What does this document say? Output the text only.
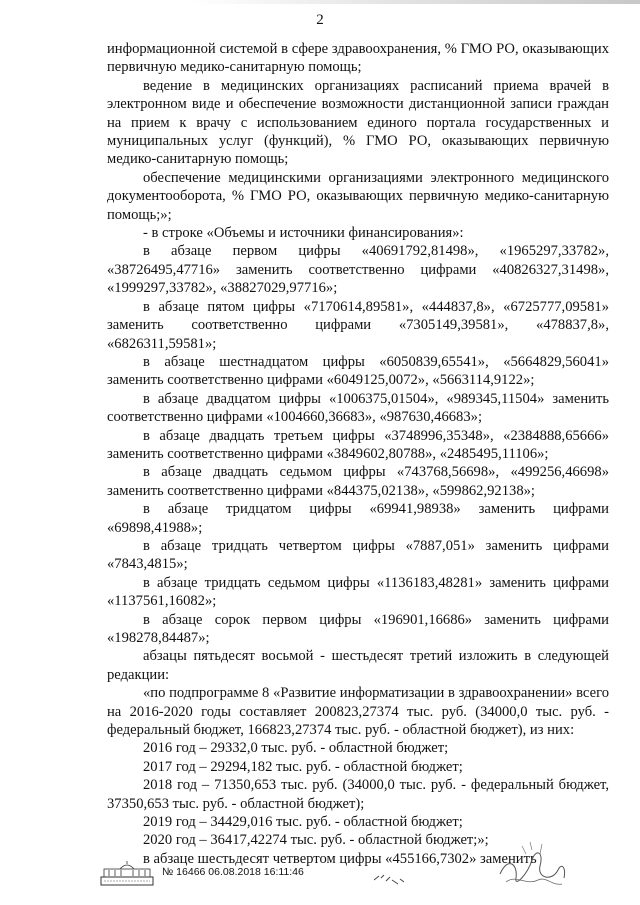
2

информационной системой в сфере здравоохранения, % ГМО РО, оказывающих первичную медико-санитарную помощь;

ведение в медицинских организациях расписаний приема врачей в электронном виде и обеспечение возможности дистанционной записи граждан на прием к врачу с использованием единого портала государственных и муниципальных услуг (функций), % ГМО РО, оказывающих первичную медико-санитарную помощь;

обеспечение медицинскими организациями электронного медицинского документооборота, % ГМО РО, оказывающих первичную медико-санитарную помощь;»;

- в строке «Объемы и источники финансирования»:

в абзаце первом цифры «40691792,81498», «1965297,33782», «38726495,47716» заменить соответственно цифрами «40826327,31498», «1999297,33782», «38827029,97716»;

в абзаце пятом цифры «7170614,89581», «444837,8», «6725777,09581» заменить соответственно цифрами «7305149,39581», «478837,8», «6826311,59581»;

в абзаце шестнадцатом цифры «6050839,65541», «5664829,56041» заменить соответственно цифрами «6049125,0072», «5663114,9122»;

в абзаце двадцатом цифры «1006375,01504», «989345,11504» заменить соответственно цифрами «1004660,36683», «987630,46683»;

в абзаце двадцать третьем цифры «3748996,35348», «2384888,65666» заменить соответственно цифрами «3849602,80788», «2485495,11106»;

в абзаце двадцать седьмом цифры «743768,56698», «499256,46698» заменить соответственно цифрами «844375,02138», «599862,92138»;

в абзаце тридцатом цифры «69941,98938» заменить цифрами «69898,41988»;

в абзаце тридцать четвертом цифры «7887,051» заменить цифрами «7843,4815»;

в абзаце тридцать седьмом цифры «1136183,48281» заменить цифрами «1137561,16082»;

в абзаце сорок первом цифры «196901,16686» заменить цифрами «198278,84487»;

абзацы пятьдесят восьмой - шестьдесят третий изложить в следующей редакции:

«по подпрограмме 8 «Развитие информатизации в здравоохранении» всего на 2016-2020 годы составляет 200823,27374 тыс. руб. (34000,0 тыс. руб. - федеральный бюджет, 166823,27374 тыс. руб. - областной бюджет), из них:

2016 год – 29332,0 тыс. руб. - областной бюджет;

2017 год – 29294,182 тыс. руб. - областной бюджет;

2018 год – 71350,653 тыс. руб. (34000,0 тыс. руб. - федеральный бюджет, 37350,653 тыс. руб. - областной бюджет);

2019 год – 34429,016 тыс. руб. - областной бюджет;

2020 год – 36417,42274 тыс. руб. - областной бюджет;»;

в абзаце шестьдесят четвертом цифры «455166,7302» заменить

№ 16466 06.08.2018 16:11:46
